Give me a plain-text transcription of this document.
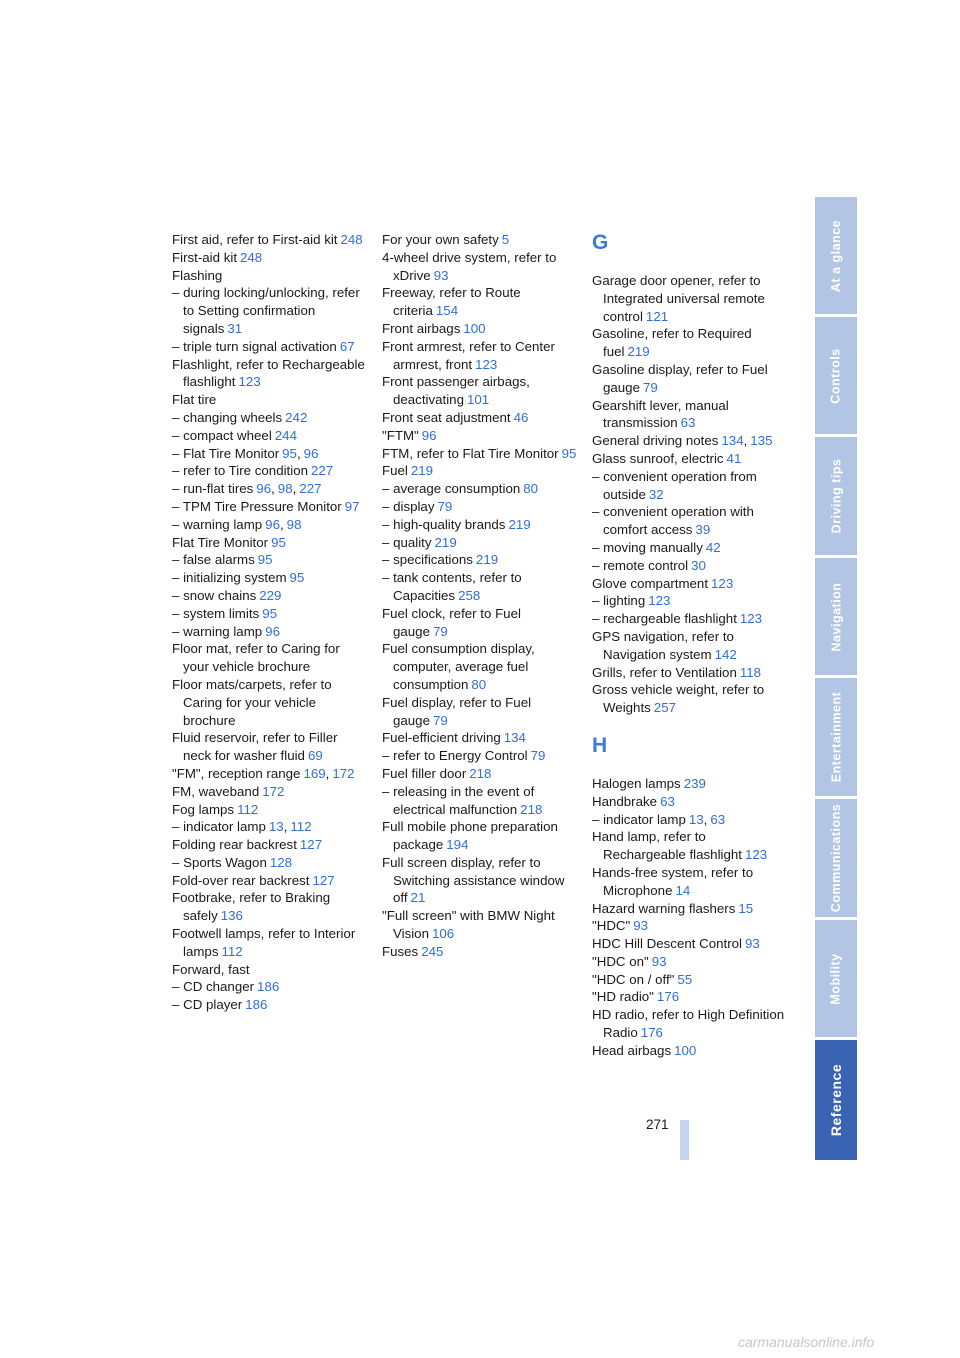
First aid, refer to First-aid kit 248
First-aid kit 248
Flashing
– during locking/unlocking, refer to Setting confirmation signals 31
– triple turn signal activation 67
Flashlight, refer to Rechargeable flashlight 123
Flat tire
– changing wheels 242
– compact wheel 244
– Flat Tire Monitor 95, 96
– refer to Tire condition 227
– run-flat tires 96, 98, 227
– TPM Tire Pressure Monitor 97
– warning lamp 96, 98
Flat Tire Monitor 95
– false alarms 95
– initializing system 95
– snow chains 229
– system limits 95
– warning lamp 96
Floor mat, refer to Caring for your vehicle brochure
Floor mats/carpets, refer to Caring for your vehicle brochure
Fluid reservoir, refer to Filler neck for washer fluid 69
"FM", reception range 169, 172
FM, waveband 172
Fog lamps 112
– indicator lamp 13, 112
Folding rear backrest 127
– Sports Wagon 128
Fold-over rear backrest 127
Footbrake, refer to Braking safely 136
Footwell lamps, refer to Interior lamps 112
Forward, fast
– CD changer 186
– CD player 186
For your own safety 5
4-wheel drive system, refer to xDrive 93
Freeway, refer to Route criteria 154
Front airbags 100
Front armrest, refer to Center armrest, front 123
Front passenger airbags, deactivating 101
Front seat adjustment 46
"FTM" 96
FTM, refer to Flat Tire Monitor 95
Fuel 219
– average consumption 80
– display 79
– high-quality brands 219
– quality 219
– specifications 219
– tank contents, refer to Capacities 258
Fuel clock, refer to Fuel gauge 79
Fuel consumption display, computer, average fuel consumption 80
Fuel display, refer to Fuel gauge 79
Fuel-efficient driving 134
– refer to Energy Control 79
Fuel filler door 218
– releasing in the event of electrical malfunction 218
Full mobile phone preparation package 194
Full screen display, refer to Switching assistance window off 21
"Full screen" with BMW Night Vision 106
Fuses 245
G
Garage door opener, refer to Integrated universal remote control 121
Gasoline, refer to Required fuel 219
Gasoline display, refer to Fuel gauge 79
Gearshift lever, manual transmission 63
General driving notes 134, 135
Glass sunroof, electric 41
– convenient operation from outside 32
– convenient operation with comfort access 39
– moving manually 42
– remote control 30
Glove compartment 123
– lighting 123
– rechargeable flashlight 123
GPS navigation, refer to Navigation system 142
Grills, refer to Ventilation 118
Gross vehicle weight, refer to Weights 257
H
Halogen lamps 239
Handbrake 63
– indicator lamp 13, 63
Hand lamp, refer to Rechargeable flashlight 123
Hands-free system, refer to Microphone 14
Hazard warning flashers 15
"HDC" 93
HDC Hill Descent Control 93
"HDC on" 93
"HDC on / off" 55
"HD radio" 176
HD radio, refer to High Definition Radio 176
Head airbags 100
At a glance
Controls
Driving tips
Navigation
Entertainment
Communications
Mobility
Reference
271
carmanualsonline.info
